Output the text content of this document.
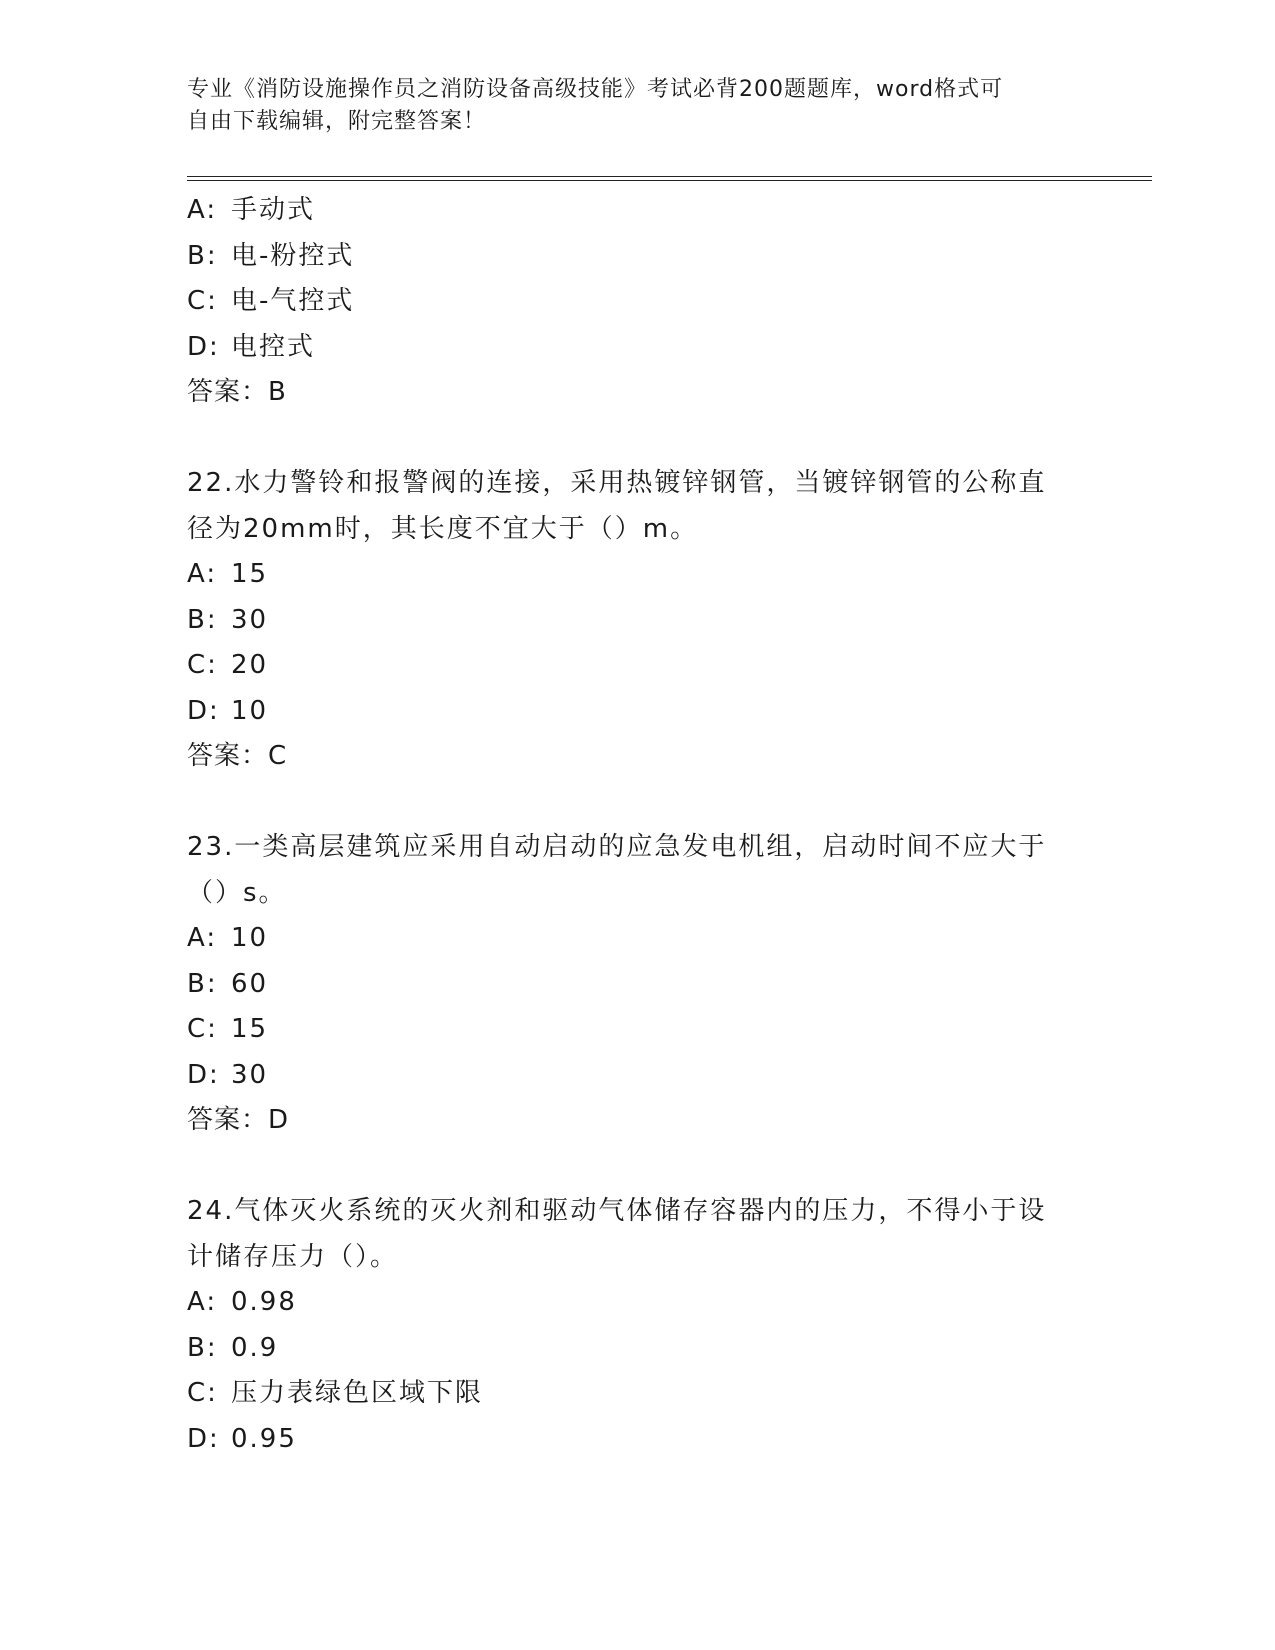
专业《消防设施操作员之消防设备高级技能》考试必背200题题库，word格式可
自由下载编辑，附完整答案！
A: 手动式
B: 电-粉控式
C: 电-气控式
D: 电控式
答案：B
22.水力警铃和报警阀的连接，采用热镀锌钢管，当镀锌钢管的公称直
径为20mm时，其长度不宜大于（）m。
A: 15
B: 30
C: 20
D: 10
答案：C
23.一类高层建筑应采用自动启动的应急发电机组，启动时间不应大于
（）s。
A: 10
B: 60
C: 15
D: 30
答案：D
24.气体灭火系统的灭火剂和驱动气体储存容器内的压力，不得小于设
计储存压力（）。
A: 0.98
B: 0.9
C: 压力表绿色区域下限
D: 0.95
